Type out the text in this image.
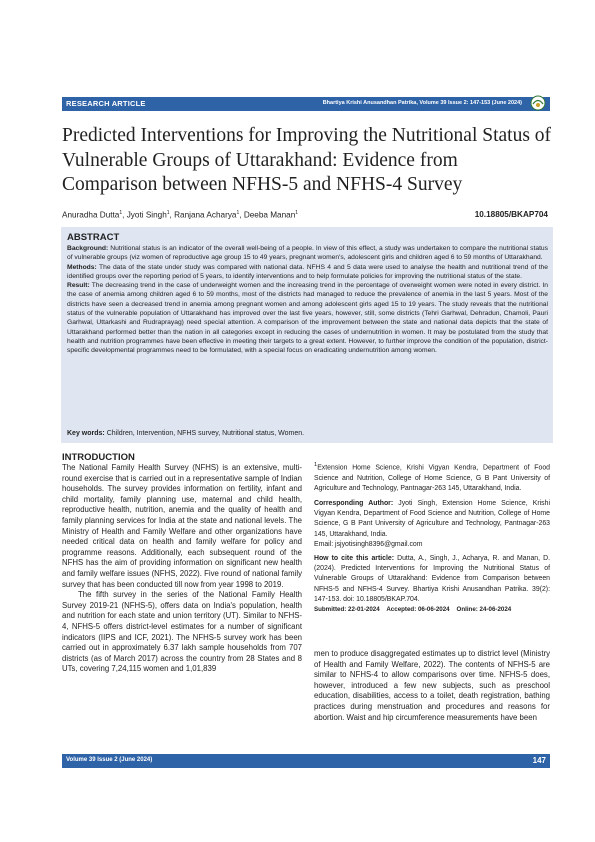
RESEARCH ARTICLE	Bhartiya Krishi Anusandhan Patrika, Volume 39 Issue 2: 147-153 (June 2024)
Predicted Interventions for Improving the Nutritional Status of Vulnerable Groups of Uttarakhand: Evidence from Comparison between NFHS-5 and NFHS-4 Survey
Anuradha Dutta$^1$, Jyoti Singh$^1$, Ranjana Acharya$^1$, Deeba Manan$^1$	10.18805/BKAP704
ABSTRACT

Background: Nutritional status is an indicator of the overall well-being of a people. In view of this effect, a study was undertaken to compare the nutritional status of vulnerable groups (viz women of reproductive age group 15 to 49 years, pregnant women's, adolescent girls and children aged 6 to 59 months of Uttarakhand.

Methods: The data of the state under study was compared with national data. NFHS 4 and 5 data were used to analyse the health and nutritional trend of the identified groups over the reporting period of 5 years, to identify interventions and to help formulate policies for improving the nutritional status of the state.

Result: The decreasing trend in the case of underweight women and the increasing trend in the percentage of overweight women were noted in every district. In the case of anemia among children aged 6 to 59 months, most of the districts had managed to reduce the prevalence of anemia in the last 5 years. Most of the districts have seen a decreased trend in anemia among pregnant women and among adolescent girls aged 15 to 19 years. The study reveals that the nutritional status of the vulnerable population of Uttarakhand has improved over the last five years, however, still, some districts (Tehri Garhwal, Dehradun, Chamoli, Pauri Garhwal, Uttarkashi and Rudraprayag) need special attention. A comparison of the improvement between the state and national data depicts that the state of Uttarakhand performed better than the nation in all categories except in reducing the cases of undernutrition in women. It may be postulated from the study that health and nutrition programmes have been effective in meeting their targets to a great extent. However, to further improve the condition of the population, district-specific developmental programmes need to be formulated, with a special focus on eradicating undernutrition among women.

Key words: Children, Intervention, NFHS survey, Nutritional status, Women.
INTRODUCTION

The National Family Health Survey (NFHS) is an extensive, multi-round exercise that is carried out in a representative sample of Indian households. The survey provides information on fertility, infant and child mortality, family planning use, maternal and child health, reproductive health, nutrition, anemia and the quality of health and family planning services for India at the state and national levels. The Ministry of Health and Family Welfare and other organizations have needed critical data on health and family welfare for policy and programme reasons. Additionally, each subsequent round of the NFHS has the aim of providing information on significant new health and family welfare issues (NFHS, 2022). Five round of national family survey that has been conducted till now from year 1998 to 2019.

The fifth survey in the series of the National Family Health Survey 2019-21 (NFHS-5), offers data on India's population, health and nutrition for each state and union territory (UT). Similar to NFHS-4, NFHS-5 offers district-level estimates for a number of significant indicators (IIPS and ICF, 2021). The NFHS-5 survey work has been carried out in approximately 6.37 lakh sample households from 707 districts (as of March 2017) across the country from 28 States and 8 UTs, covering 7,24,115 women and 1,01,839

$^1$Extension Home Science, Krishi Vigyan Kendra, Department of Food Science and Nutrition, College of Home Science, G B Pant University of Agriculture and Technology, Pantnagar-263 145, Uttarakhand, India.

Corresponding Author: Jyoti Singh, Extension Home Science, Krishi Vigyan Kendra, Department of Food Science and Nutrition, College of Home Science, G B Pant University of Agriculture and Technology, Pantnagar-263 145, Uttarakhand, India.

Email: jsjyotisingh8396@gmail.com

How to cite this article: Dutta, A., Singh, J., Acharya, R. and Manan, D. (2024). Predicted Interventions for Improving the Nutritional Status of Vulnerable Groups of Uttarakhand: Evidence from Comparison between NFHS-5 and NFHS-4 Survey. Bhartiya Krishi Anusandhan Patrika. 39(2): 147-153. doi: 10.18805/BKAP.704.

Submitted: 22-01-2024 Accepted: 06-06-2024 Online: 24-06-2024

men to produce disaggregated estimates up to district level (Ministry of Health and Family Welfare, 2022). The contents of NFHS-5 are similar to NFHS-4 to allow comparisons over time. NFHS-5 does, however, introduced a few new subjects, such as preschool education, disabilities, access to a toilet, death registration, bathing practices during menstruation and procedures and reasons for abortion. Waist and hip circumference measurements have been

Volume 39 Issue 2 (June 2024)	147
